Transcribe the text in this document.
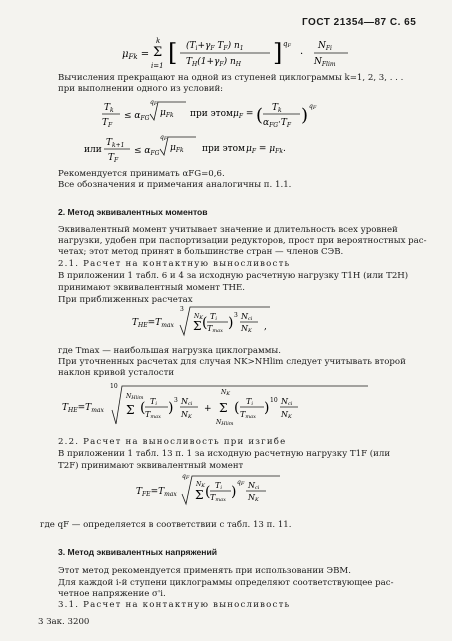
ГОСТ 21354—87 С. 65
$\mu_{Fk}$ =
k
Σ
i=1 [ ($T_i+\gamma_F$ $T_F$) $n_1$
$T_H(1+\gamma_F)$ $n_H$ ] qF
·
$N_{Fi}$
$N_{Flim}$
Вычисления прекращают на одной из ступеней циклограммы k=1, 2, 3, . . .
при выполнении одного из условий:
$T_k$
$T_F$
≤ $\alpha_{FG}$
qF
$\mu_{Fk}$ при этом $\mu_F$ = ( $T_k$
$\alpha_{FG}\cdot T_F$ ) qF
или
$T_{k+1}$
$T_F$
≤ $\alpha_{FG}$
qF
$\mu_{Fk}$ при этом $\mu_F = \mu_{Fk}$.
Рекомендуется принимать αFG=0,6.
Все обозначения и примечания аналогичны п. 1.1.
2. Метод эквивалентных моментов
Эквивалентный момент учитывает значение и длительность всех уровней
нагрузки, удобен при паспортизации редукторов, прост при вероятностных рас-
четах; этот метод принят в большинстве стран — членов СЭВ.
2.1. Расчет на контактную выносливость
В приложении 1 табл. 6 и 4 за исходную расчетную нагрузку T1H (или T2H)
принимают эквивалентный момент THE.
При приближенных расчетах
$T_{HE}=T_{max}$
3
NK
Σ ( Ti
Tmax ) 3 Nci
NK ,
где Tmax — наибольшая нагрузка циклограммы.
При уточненных расчетах для случая NK>NHlim следует учитывать второй
наклон кривой усталости
$T_{HE}=T_{max}$
10
NHlim
Σ ( Ti
Tmax
) 3 Nci
NK
+
NK
Σ
NHlim
( Ti
Tmax
) 10 Nci
NK
2.2. Расчет на выносливость при изгибе
В приложении 1 табл. 13 п. 1 за исходную расчетную нагрузку T1F (или
T2F) принимают эквивалентный момент
$T_{FE}=T_{max}$
qF
NK
Σ ( Ti
Tmax )
qF Nci
NK
где qF — определяется в соответствии с табл. 13 п. 11.
3. Метод эквивалентных напряжений
Этот метод рекомендуется применять при использовании ЭВМ.
Для каждой i-й ступени циклограммы определяют соответствующее рас-
четное напряжение σ'i.
3.1. Расчет на контактную выносливость
3 Зак. 3200
